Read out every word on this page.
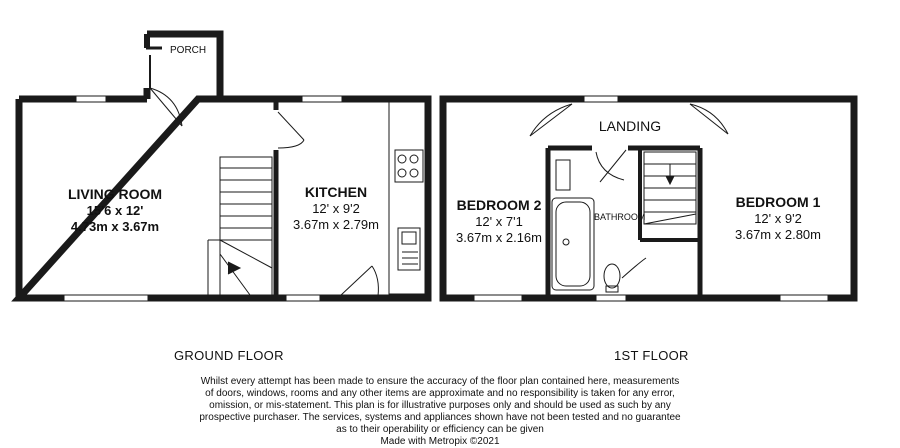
PORCH
LIVING ROOM
15'6 x 12'
4.73m x 3.67m
KITCHEN
12' x 9'2
3.67m x 2.79m
LANDING
BATHROOM
BEDROOM 2
12' x 7'1
3.67m x 2.16m
BEDROOM 1
12' x 9'2
3.67m x 2.80m
GROUND FLOOR	1ST FLOOR
Whilst every attempt has been made to ensure the accuracy of the floor plan contained here, measurements
of doors, windows, rooms and any other items are approximate and no responsibility is taken for any error,
omission, or mis-statement. This plan is for illustrative purposes only and should be used as such by any
prospective purchaser. The services, systems and appliances shown have not been tested and no guarantee
as to their operability or efficiency can be given
Made with Metropix ©2021
